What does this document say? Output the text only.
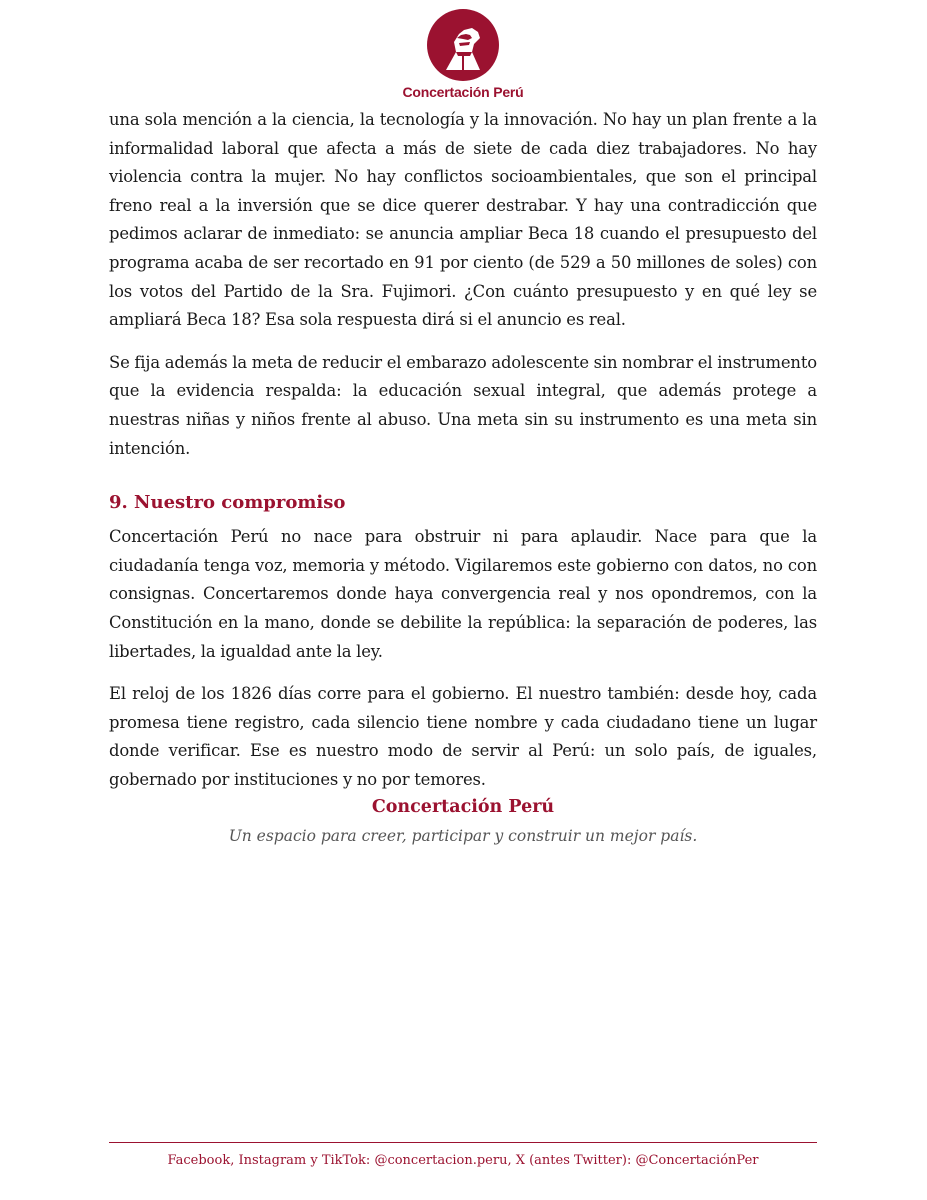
Concertación Perú

una sola mención a la ciencia, la tecnología y la innovación. No hay un plan frente a la informalidad laboral que afecta a más de siete de cada diez trabajadores. No hay violencia contra la mujer. No hay conflictos socioambientales, que son el principal freno real a la inversión que se dice querer destrabar. Y hay una contradicción que pedimos aclarar de inmediato: se anuncia ampliar Beca 18 cuando el presupuesto del programa acaba de ser recortado en 91 por ciento (de 529 a 50 millones de soles) con los votos del Partido de la Sra. Fujimori. ¿Con cuánto presupuesto y en qué ley se ampliará Beca 18? Esa sola respuesta dirá si el anuncio es real.

Se fija además la meta de reducir el embarazo adolescente sin nombrar el instrumento que la evidencia respalda: la educación sexual integral, que además protege a nuestras niñas y niños frente al abuso. Una meta sin su instrumento es una meta sin intención.

9. Nuestro compromiso

Concertación Perú no nace para obstruir ni para aplaudir. Nace para que la ciudadanía tenga voz, memoria y método. Vigilaremos este gobierno con datos, no con consignas. Concertaremos donde haya convergencia real y nos opondremos, con la Constitución en la mano, donde se debilite la república: la separación de poderes, las libertades, la igualdad ante la ley.

El reloj de los 1826 días corre para el gobierno. El nuestro también: desde hoy, cada promesa tiene registro, cada silencio tiene nombre y cada ciudadano tiene un lugar donde verificar. Ese es nuestro modo de servir al Perú: un solo país, de iguales, gobernado por instituciones y no por temores.

Concertación Perú
Un espacio para creer, participar y construir un mejor país.
Facebook, Instagram y TikTok: @concertacion.peru, X (antes Twitter): @ConcertaciónPer
